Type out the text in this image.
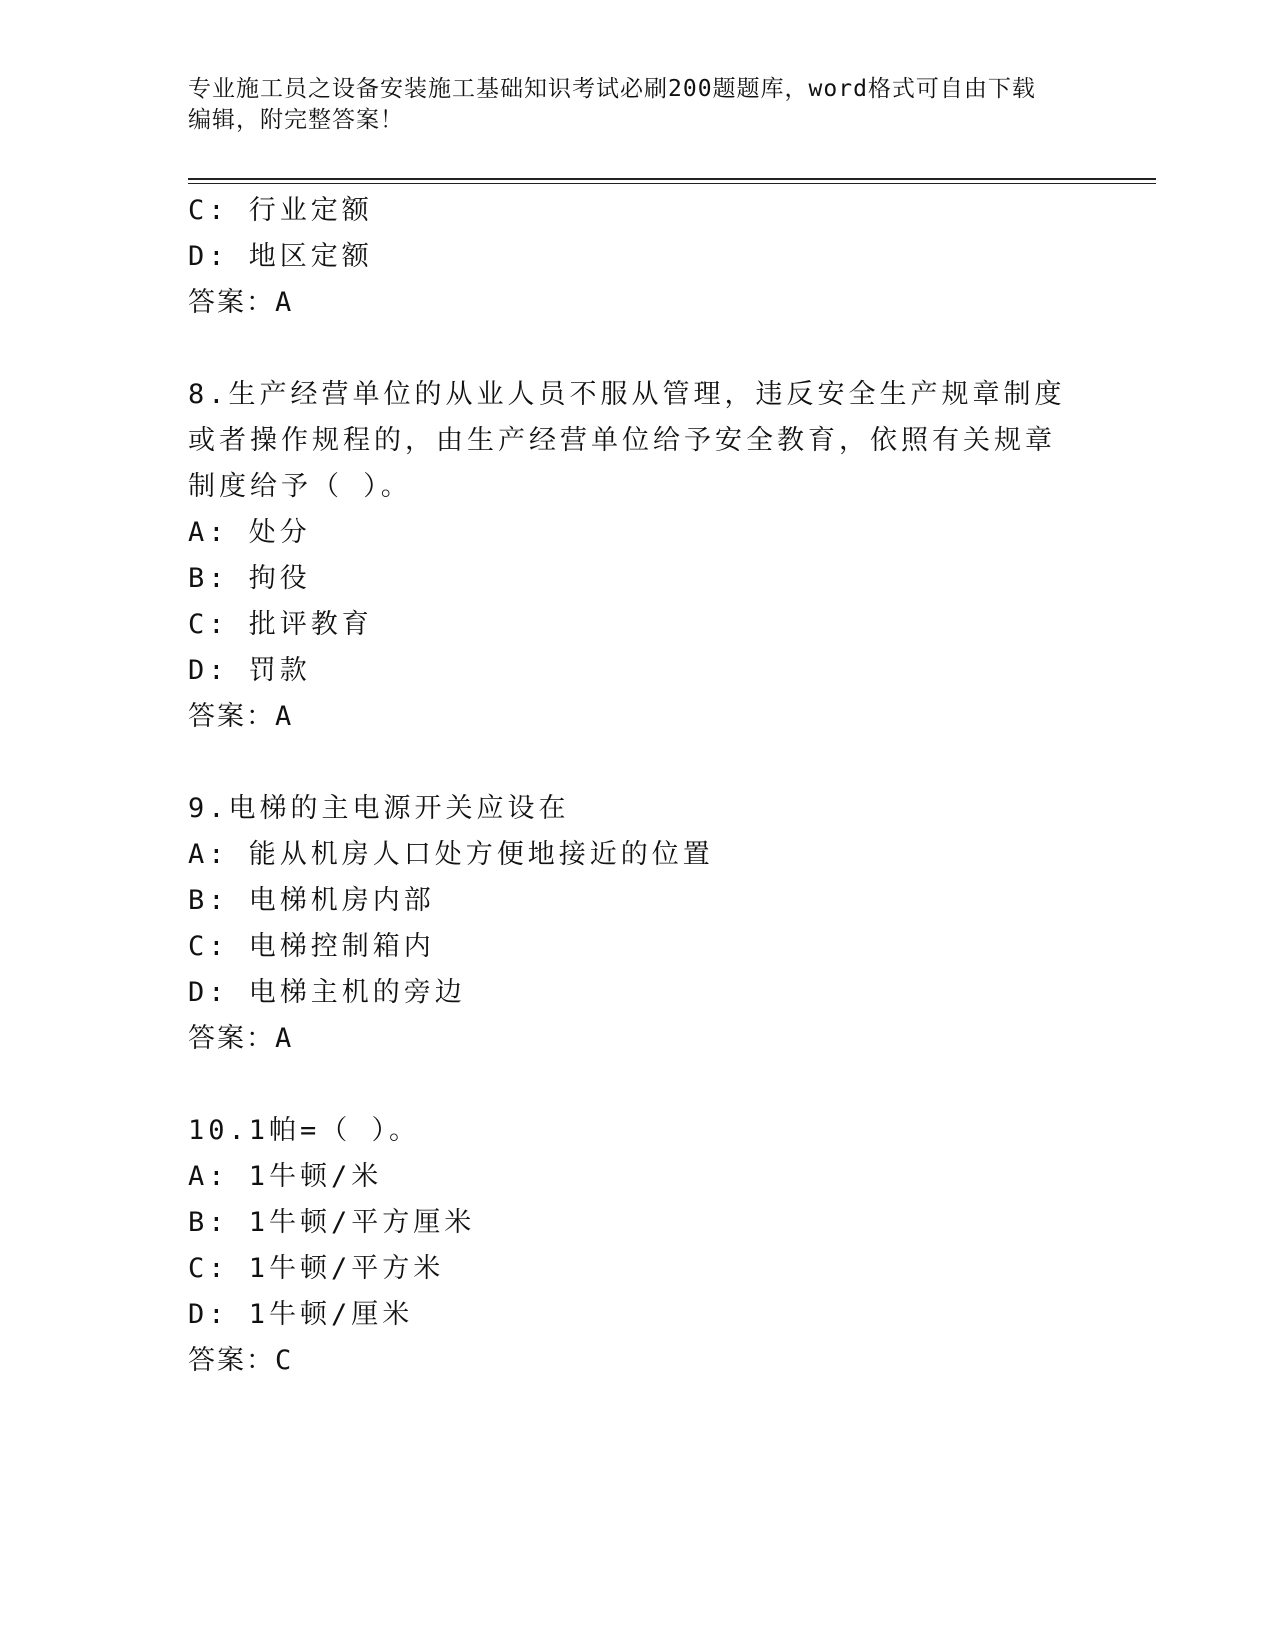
专业施工员之设备安装施工基础知识考试必刷200题题库，word格式可自由下载
编辑，附完整答案！
C: 行业定额
D: 地区定额
答案：A
8.生产经营单位的从业人员不服从管理，违反安全生产规章制度或者操作规程的，由生产经营单位给予安全教育，依照有关规章制度给予（ ）。
A: 处分
B: 拘役
C: 批评教育
D: 罚款
答案：A
9.电梯的主电源开关应设在
A: 能从机房人口处方便地接近的位置
B: 电梯机房内部
C: 电梯控制箱内
D: 电梯主机的旁边
答案：A
10.1帕=（ ）。
A: 1牛顿/米
B: 1牛顿/平方厘米
C: 1牛顿/平方米
D: 1牛顿/厘米
答案：C
